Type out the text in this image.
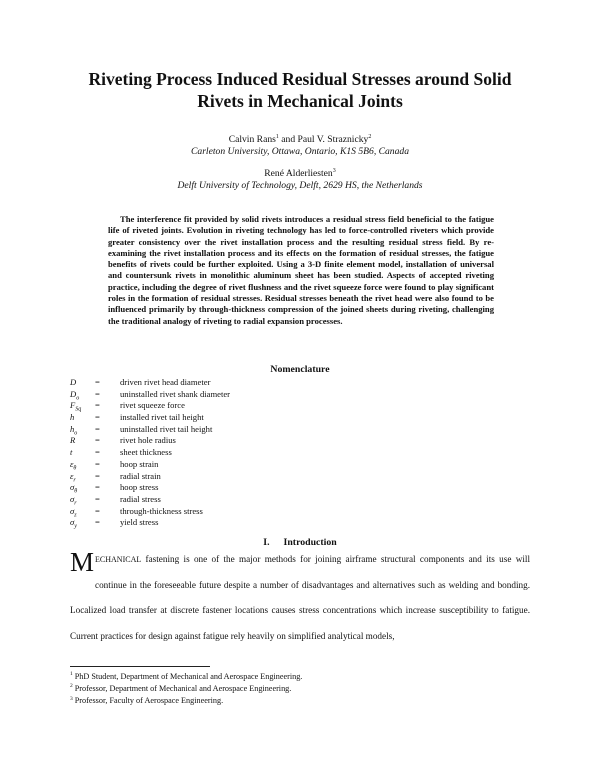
Riveting Process Induced Residual Stresses around Solid
Rivets in Mechanical Joints
Calvin Rans$^1$ and Paul V. Straznicky$^2$
Carleton University, Ottawa, Ontario, K1S 5B6, Canada
René Alderliesten$^3$
Delft University of Technology, Delft, 2629 HS, the Netherlands

The interference fit provided by solid rivets introduces a residual stress field beneficial to the fatigue life of riveted joints. Evolution in riveting technology has led to force-controlled riveters which provide greater consistency over the rivet installation process and the resulting residual stress field. By re-examining the rivet installation process and its effects on the formation of residual stresses, the fatigue benefits of rivets could be further exploited. Using a 3-D finite element model, installation of universal and countersunk rivets in monolithic aluminum sheet has been studied. Aspects of accepted riveting practice, including the degree of rivet flushness and the rivet squeeze force were found to play significant roles in the formation of residual stresses. Residual stresses beneath the rivet head were also found to be influenced primarily by through-thickness compression of the joined sheets during riveting, challenging the traditional analogy of riveting to radial expansion processes.

Nomenclature
D = driven rivet head diameter
$D_o$ = uninstalled rivet shank diameter
$F_{Sq}$ = rivet squeeze force
h = installed rivet tail height
$h_o$ = uninstalled rivet tail height
R = rivet hole radius
t	= sheet thickness
$\varepsilon_\theta$ = hoop strain
$\varepsilon_r$ = radial strain
$\sigma_\theta$ = hoop stress
$\sigma_r$ = radial stress
$\sigma_z$ = through-thickness stress
$\sigma_y$ = yield stress
I. Introduction

MECHANICAL fastening is one of the major methods for joining airframe structural components and its use will continue in the foreseeable future despite a number of disadvantages and alternatives such as welding and bonding. Localized load transfer at discrete fastener locations causes stress concentrations which increase susceptibility to fatigue. Current practices for design against fatigue rely heavily on simplified analytical models,

$^1$ PhD Student, Department of Mechanical and Aerospace Engineering.
$^2$ Professor, Department of Mechanical and Aerospace Engineering.
$^3$ Professor, Faculty of Aerospace Engineering.
